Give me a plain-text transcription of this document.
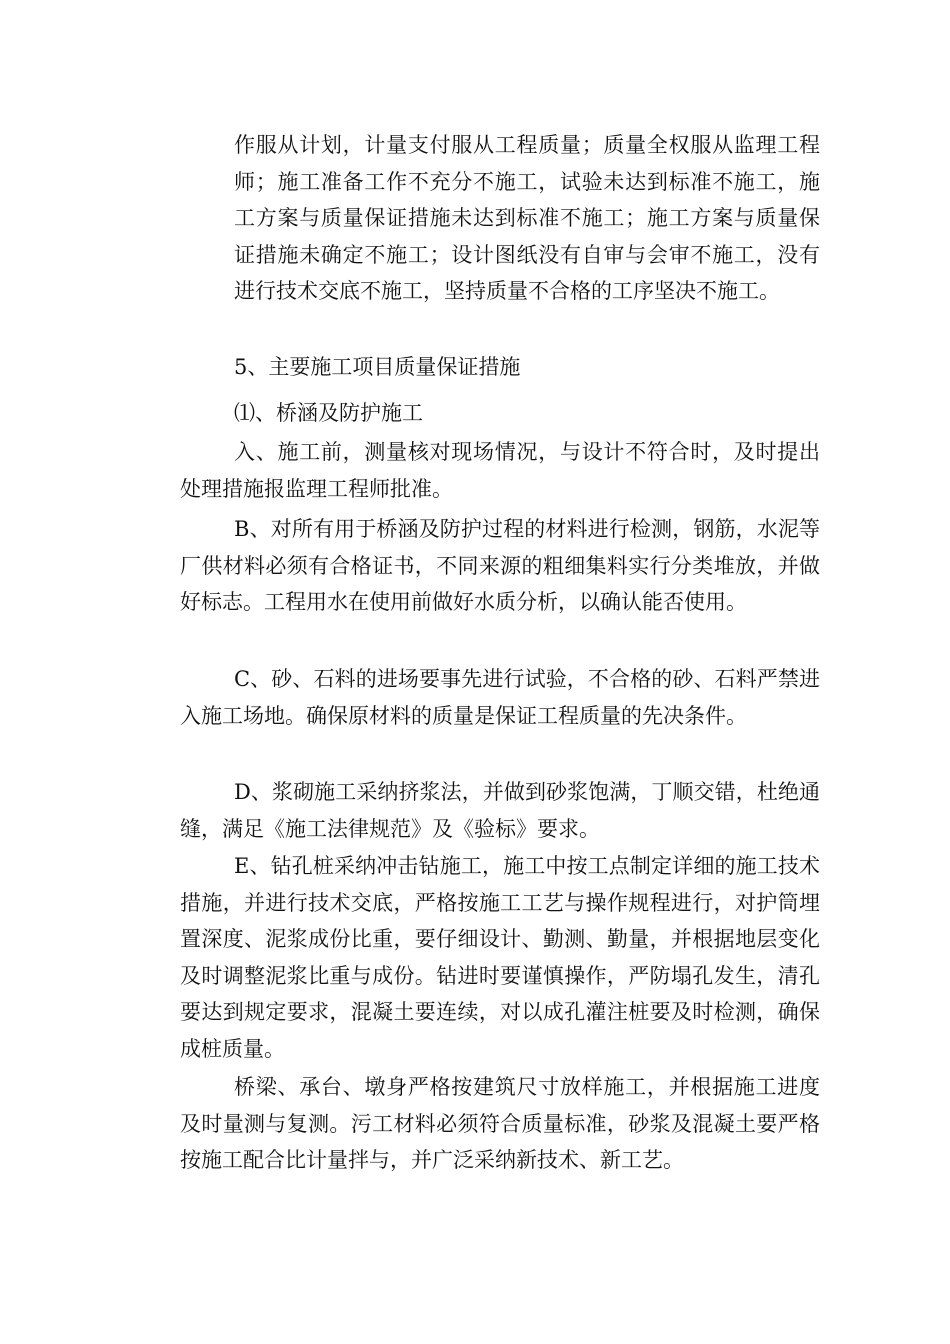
作服从计划，计量支付服从工程质量；质量全权服从监理工程师；施工准备工作不充分不施工，试验未达到标准不施工，施工方案与质量保证措施未达到标准不施工；施工方案与质量保证措施未确定不施工；设计图纸没有自审与会审不施工，没有进行技术交底不施工，坚持质量不合格的工序坚决不施工。

5、主要施工项目质量保证措施

⑴、桥涵及防护施工

入、施工前，测量核对现场情况，与设计不符合时，及时提出处理措施报监理工程师批准。

B、对所有用于桥涵及防护过程的材料进行检测，钢筋，水泥等厂供材料必须有合格证书，不同来源的粗细集料实行分类堆放，并做好标志。工程用水在使用前做好水质分析，以确认能否使用。

C、砂、石料的进场要事先进行试验，不合格的砂、石料严禁进入施工场地。确保原材料的质量是保证工程质量的先决条件。

D、浆砌施工采纳挤浆法，并做到砂浆饱满，丁顺交错，杜绝通缝，满足《施工法律规范》及《验标》要求。

E、钻孔桩采纳冲击钻施工，施工中按工点制定详细的施工技术措施，并进行技术交底，严格按施工工艺与操作规程进行，对护筒埋置深度、泥浆成份比重，要仔细设计、勤测、勤量，并根据地层变化及时调整泥浆比重与成份。钻进时要谨慎操作，严防塌孔发生，清孔要达到规定要求，混凝土要连续，对以成孔灌注桩要及时检测，确保成桩质量。

桥梁、承台、墩身严格按建筑尺寸放样施工，并根据施工进度及时量测与复测。污工材料必须符合质量标准，砂浆及混凝土要严格按施工配合比计量拌与，并广泛采纳新技术、新工艺。
